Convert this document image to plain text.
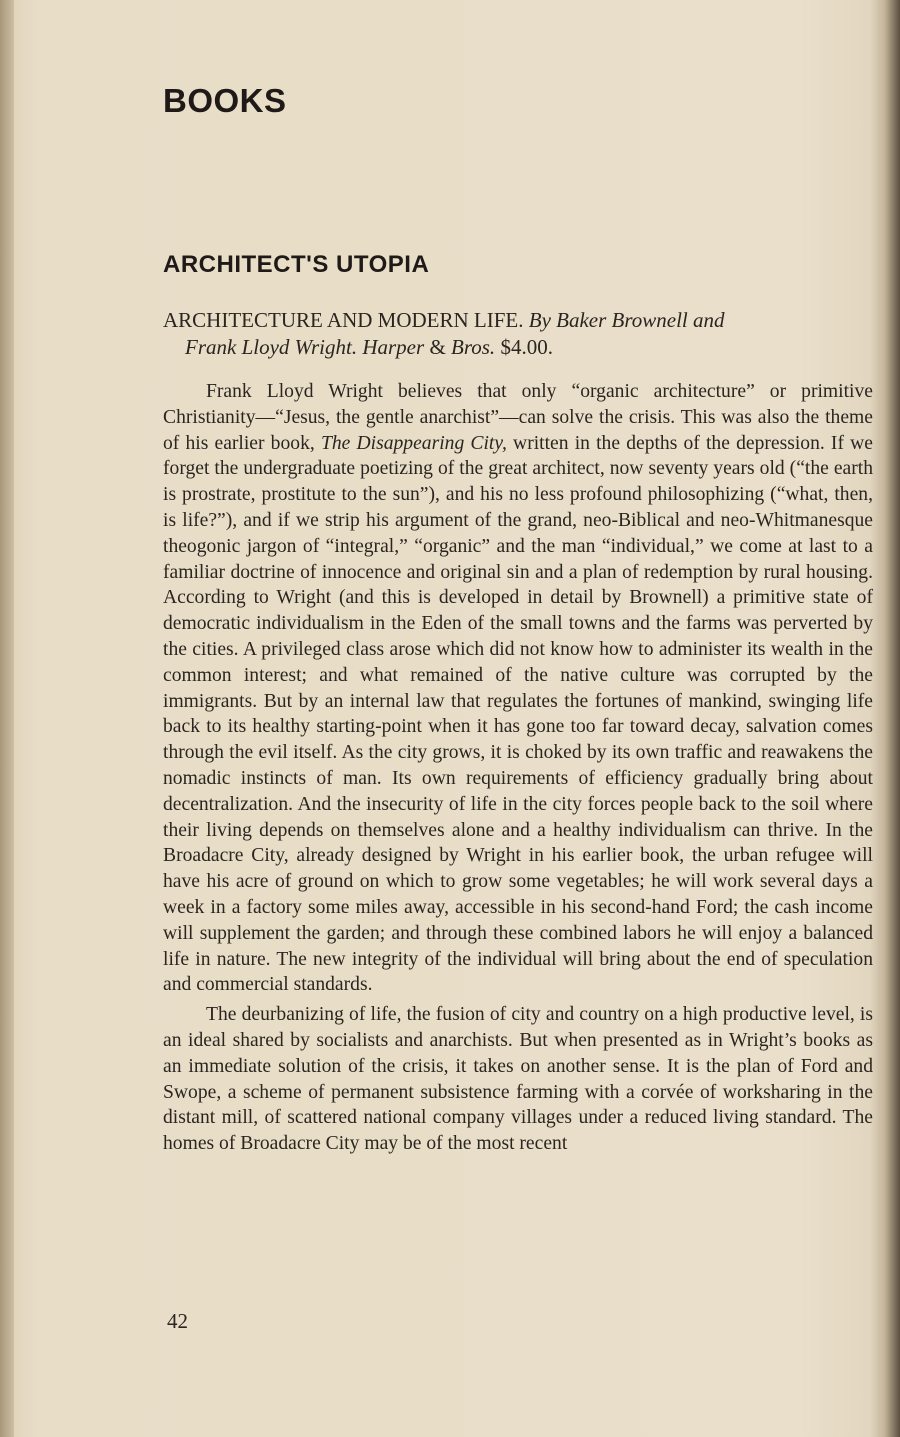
BOOKS
ARCHITECT'S UTOPIA
ARCHITECTURE AND MODERN LIFE. By Baker Brownell and
Frank Lloyd Wright. Harper & Bros. $4.00.

Frank Lloyd Wright believes that only “organic architecture” or primitive Christianity—“Jesus, the gentle anarchist”—can solve the crisis. This was also the theme of his earlier book, The Disappearing City, written in the depths of the depression. If we forget the undergraduate poetizing of the great architect, now seventy years old (“the earth is prostrate, prostitute to the sun”), and his no less profound philosophizing (“what, then, is life?”), and if we strip his argument of the grand, neo-Biblical and neo-Whitmanesque theogonic jargon of “integral,” “organic” and the man “individual,” we come at last to a familiar doctrine of innocence and original sin and a plan of redemption by rural housing. According to Wright (and this is developed in detail by Brownell) a primitive state of democratic individualism in the Eden of the small towns and the farms was perverted by the cities. A privileged class arose which did not know how to administer its wealth in the common interest; and what remained of the native culture was corrupted by the immigrants. But by an internal law that regulates the fortunes of mankind, swinging life back to its healthy starting-point when it has gone too far toward decay, salvation comes through the evil itself. As the city grows, it is choked by its own traffic and reawakens the nomadic instincts of man. Its own requirements of efficiency gradually bring about decentralization. And the insecurity of life in the city forces people back to the soil where their living depends on themselves alone and a healthy individualism can thrive. In the Broadacre City, already designed by Wright in his earlier book, the urban refugee will have his acre of ground on which to grow some vegetables; he will work several days a week in a factory some miles away, accessible in his second-hand Ford; the cash income will supplement the garden; and through these combined labors he will enjoy a balanced life in nature. The new integrity of the individual will bring about the end of speculation and commercial standards.

The deurbanizing of life, the fusion of city and country on a high productive level, is an ideal shared by socialists and anarchists. But when presented as in Wright’s books as an immediate solution of the crisis, it takes on another sense. It is the plan of Ford and Swope, a scheme of permanent subsistence farming with a corvée of worksharing in the distant mill, of scattered national company villages under a reduced living standard. The homes of Broadacre City may be of the most recent

42
